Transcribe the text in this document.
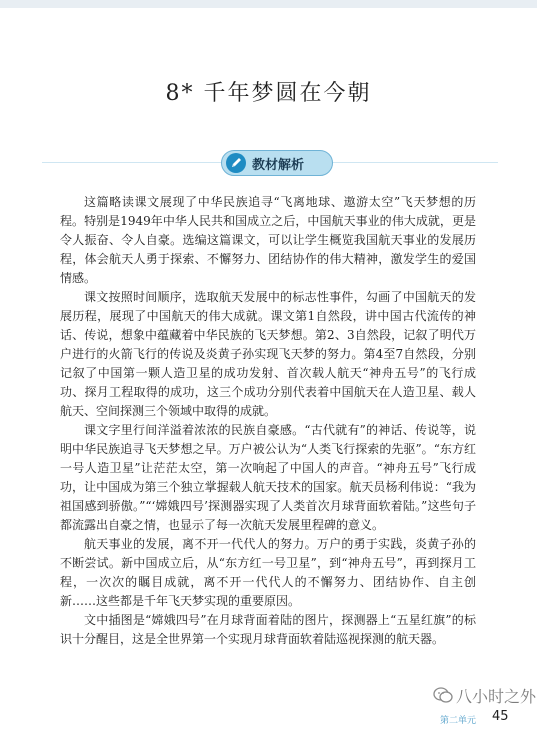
8* 千年梦圆在今朝
教材解析

这篇略读课文展现了中华民族追寻“飞离地球、遨游太空”飞天梦想的历程。特别是1949年中华人民共和国成立之后，中国航天事业的伟大成就，更是令人振奋、令人自豪。选编这篇课文，可以让学生概览我国航天事业的发展历程，体会航天人勇于探索、不懈努力、团结协作的伟大精神，激发学生的爱国情感。

课文按照时间顺序，选取航天发展中的标志性事件，勾画了中国航天的发展历程，展现了中国航天的伟大成就。课文第1自然段，讲中国古代流传的神话、传说，想象中蕴藏着中华民族的飞天梦想。第2、3自然段，记叙了明代万户进行的火箭飞行的传说及炎黄子孙实现飞天梦的努力。第4至7自然段，分别记叙了中国第一颗人造卫星的成功发射、首次载人航天“神舟五号”的飞行成功、探月工程取得的成功，这三个成功分别代表着中国航天在人造卫星、载人航天、空间探测三个领域中取得的成就。

课文字里行间洋溢着浓浓的民族自豪感。“古代就有”的神话、传说等，说明中华民族追寻飞天梦想之早。万户被公认为“人类飞行探索的先驱”。“东方红一号人造卫星”让茫茫太空，第一次响起了中国人的声音。“神舟五号”飞行成功，让中国成为第三个独立掌握载人航天技术的国家。航天员杨利伟说：“我为祖国感到骄傲。”“‘嫦娥四号’探测器实现了人类首次月球背面软着陆。”这些句子都流露出自豪之情，也显示了每一次航天发展里程碑的意义。

航天事业的发展，离不开一代代人的努力。万户的勇于实践，炎黄子孙的不断尝试。新中国成立后，从“东方红一号卫星”，到“神舟五号”，再到探月工程，一次次的瞩目成就，离不开一代代人的不懈努力、团结协作、自主创新……这些都是千年飞天梦实现的重要原因。

文中插图是“嫦娥四号”在月球背面着陆的图片，探测器上“五星红旗”的标识十分醒目，这是全世界第一个实现月球背面软着陆巡视探测的航天器。

八小时之外
第二单元 45
